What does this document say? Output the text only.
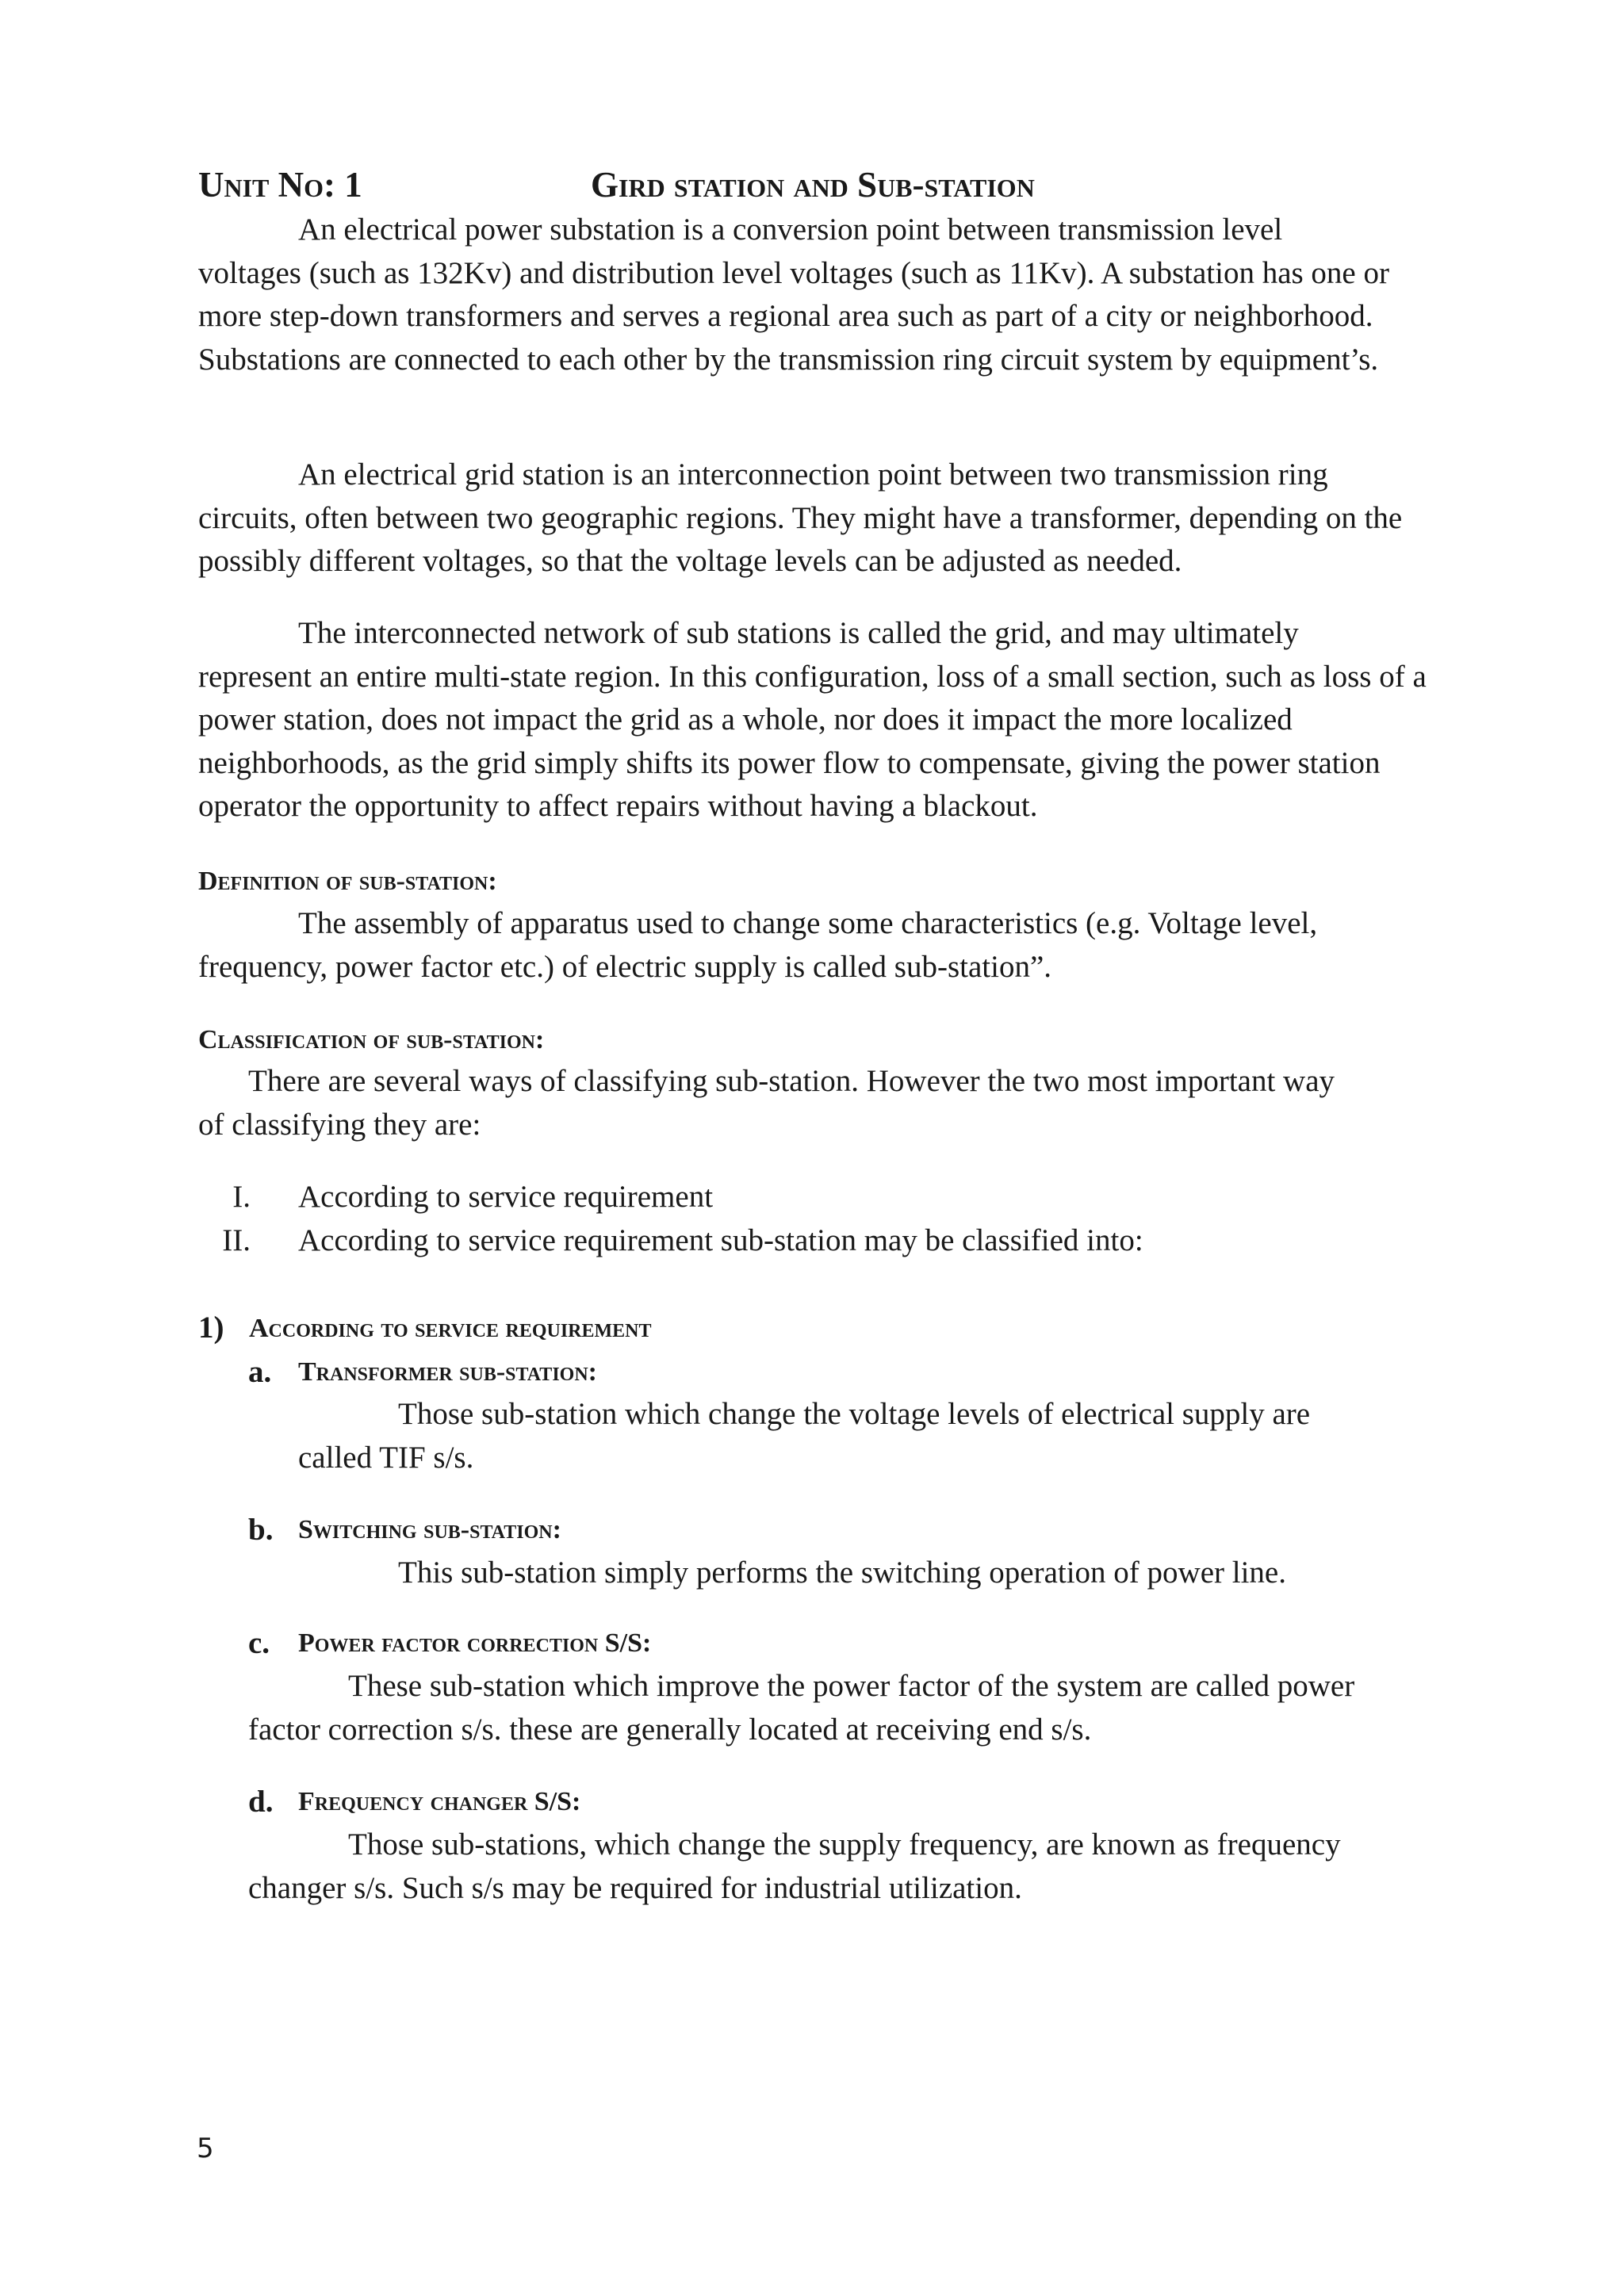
Unit No: 1	Gird station and Sub-station
An electrical power substation is a conversion point between transmission level
voltages (such as 132Kv) and distribution level voltages (such as 11Kv). A substation has one or more step-down transformers and serves a regional area such as part of a city or neighborhood. Substations are connected to each other by the transmission ring circuit system by equipment’s.
An electrical grid station is an interconnection point between two transmission ring
circuits, often between two geographic regions. They might have a transformer, depending on the possibly different voltages, so that the voltage levels can be adjusted as needed.
The interconnected network of sub stations is called the grid, and may ultimately
represent an entire multi-state region. In this configuration, loss of a small section, such as loss of a power station, does not impact the grid as a whole, nor does it impact the more localized neighborhoods, as the grid simply shifts its power flow to compensate, giving the power station operator the opportunity to affect repairs without having a blackout.
Definition of sub-station:
The assembly of apparatus used to change some characteristics (e.g. Voltage level,
frequency, power factor etc.) of electric supply is called sub-station”.
Classification of sub-station:
There are several ways of classifying sub-station. However the two most important way
of classifying they are:
I. According to service requirement
II. According to service requirement sub-station may be classified into:
1) According to service requirement
a. Transformer sub-station:
Those sub-station which change the voltage levels of electrical supply are
called TIF s/s.
b. Switching sub-station:
This sub-station simply performs the switching operation of power line.
c. Power factor correction S/S:
These sub-station which improve the power factor of the system are called power
factor correction s/s. these are generally located at receiving end s/s.
d. Frequency changer S/S:
Those sub-stations, which change the supply frequency, are known as frequency
changer s/s. Such s/s may be required for industrial utilization.
5
